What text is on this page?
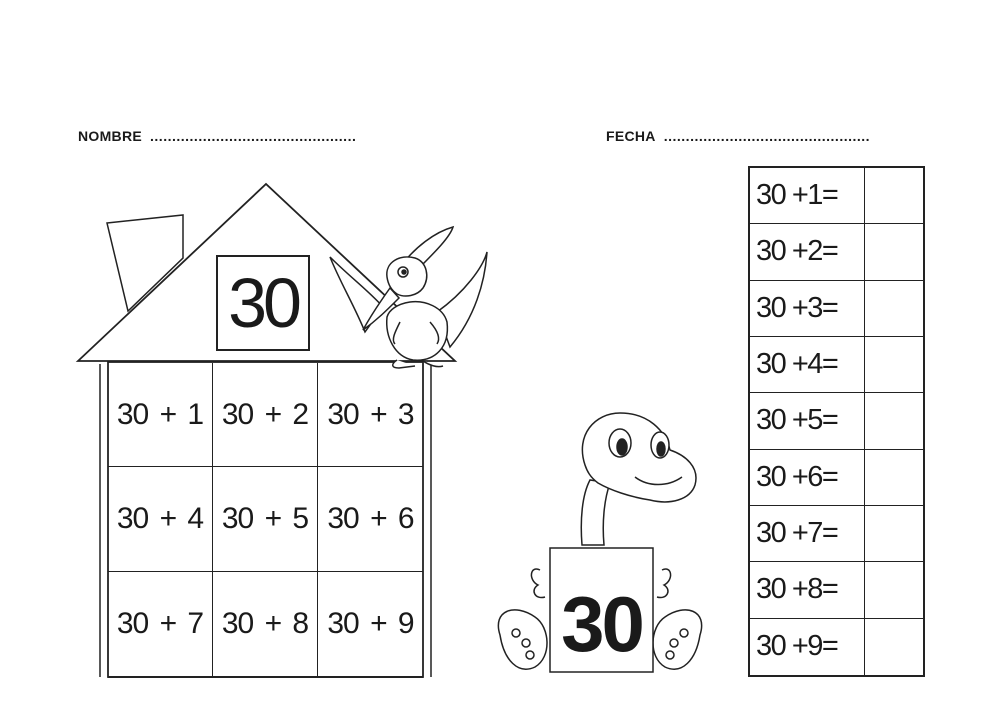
NOMBRE ...............................................	FECHA ...............................................
30
30 + 1 30 + 2 30 + 3
30 + 4 30 + 5 30 + 6
30 + 7 30 + 8 30 + 9 30
30 +1=
30 +2=
30 +3=
30 +4=
30 +5=
30 +6=
30 +7=
30 +8=
30 +9=
